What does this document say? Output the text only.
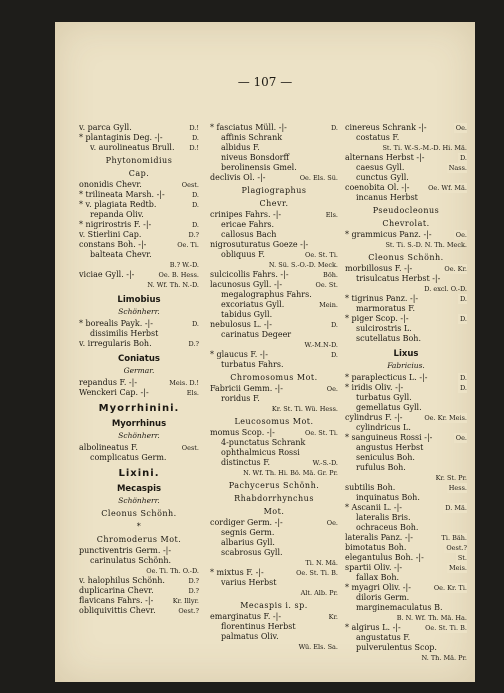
— 107 —
v. parca Gyll.	D.!
* plantaginis Deg. -|-	D.
v. aurolineatus Brull.	D.!
Phytonomidius
Cap.
ononidis Chevr.	Oest.
* trilineata Marsh. -|-	D.
* v. plagiata Redtb.	D.
repanda Oliv.
* nigrirostris F. -|-	D.
v. Stierlini Cap.	D.?
constans Boh. -|-	Oe. Ti.
balteata Chevr.
B.? W.-D.
viciae Gyll. -|-	Oe. B. Hess.
N. Wf. Th. N.-D.
Limobius
Schönherr.
* borealis Payk. -|-	D.
dissimilis Herbst
v. irregularis Boh.	D.?
Coniatus
Germar.
repandus F. -|-	Meis. D.!
Wenckeri Cap. -|-	Els.
Myorrhinini.
Myorrhinus
Schönherr.
albolineatus F.	Oest.
complicatus Germ.
Lixini.
Mecaspis
Schönherr.
Cleonus Schönh.
*
Chromoderus Mot.
punctiventris Germ. -|-
carinulatus Schönh.
Oe. Ti. Th. O.-D.
v. halophilus Schönh.	D.?
duplicarina Chevr.	D.?
flavicans Fahrs. -|-	Kr. Illyr.
obliquivittis Chevr.	Oest.?
* fasciatus Müll. -|-	D.
affinis Schrank
albidus F.
niveus Bonsdorff
berolinensis Gmel.
declivis Ol. -|-	Oe. Els. Sü.
Plagiographus
Chevr.
crinipes Fahrs. -|-	Els.
ericae Fahrs.
callosus Bach
nigrosuturatus Goeze -|-
obliquus F.	Oe. St. Ti.
N. Sü. S.-O.-D. Meck.
sulcicollis Fahrs. -|-	Böh.
lacunosus Gyll. -|-	Oe. St.
megalographus Fahrs.
excoriatus Gyll.	Mein.
tabidus Gyll.
nebulosus L. -|-	D.
carinatus Degeer
W.-M.N-D.
* glaucus F. -|-	D.
turbatus Fahrs.
Chromosomus Mot.
Fabricii Gemm. -|-	Oe.
roridus F.
Kr. St. Ti. Wü. Hess.
Leucosomus Mot.
momus Scop. -|-	Oe. St. Ti.
4-punctatus Schrank
ophthalmicus Rossi
distinctus F.	W.-S.-D.
N. Wf. Th. Hi. Bö. Mä. Gr. Pr.
Pachycerus Schönh.
Rhabdorrhynchus
Mot.
cordiger Germ. -|-	Oe.
segnis Germ.
albarius Gyll.
scabrosus Gyll.
Ti. N. Mä.
* mixtus F. -|-	Oe. St. Ti. B.
varius Herbst
Alt. Alb. Pr.
Mecaspis i. sp.
emarginatus F. -|-	Kr.
florentinus Herbst
palmatus Oliv.
Wü. Els. Sa.
cinereus Schrank -|-	Oe.
costatus F.
St. Ti. W.-S.-M.-D. Hi. Mä.
alternans Herbst -|-	D.
caesus Gyll.	Nass.
cunctus Gyll.
coenobita Ol. -|-	Oe. Wf. Mä.
incanus Herbst
Pseudocleonus
Chevrolat.
* grammicus Panz. -|-	Oe.
St. Ti. S.-D. N. Th. Meck.
Cleonus Schönh.
morbillosus F. -|-	Oe. Kr.
trisulcatus Herbst -|-
D. excl. O.-D.
* tigrinus Panz. -|-	D.
marmoratus F.
* piger Scop. -|-	D.
sulcirostris L.
scutellatus Boh.
Lixus
Fabricius.
* paraplecticus L. -|-	D.
* iridis Oliv. -|-	D.
turbatus Gyll.
gemellatus Gyll.
cylindrus F. -|-	Oe. Kr. Meis.
cylindricus L.
* sanguineus Rossi -|-	Oe.
angustus Herbst
seniculus Boh.
rufulus Boh.
Kr. St. Pr.
subtilis Boh.	Hess.
inquinatus Boh.
* Ascanii L. -|-	D. Mä.
lateralis Bris.
ochraceus Boh.
lateralis Panz. -|-	Ti. Bäh.
bimotatus Boh.	Oest.?
elegantulus Boh. -|-	St.
spartii Oliv. -|-	Meis.
fallax Boh.
* myagri Oliv. -|-	Oe. Kr. Ti.
diloris Germ.
marginemaculatus B.
B. N. Wf. Th. Mä. Ha.
* algirus L. -|-	Oe. St. Ti. B.
angustatus F.
pulverulentus Scop.
N. Th. Mä. Pr.
